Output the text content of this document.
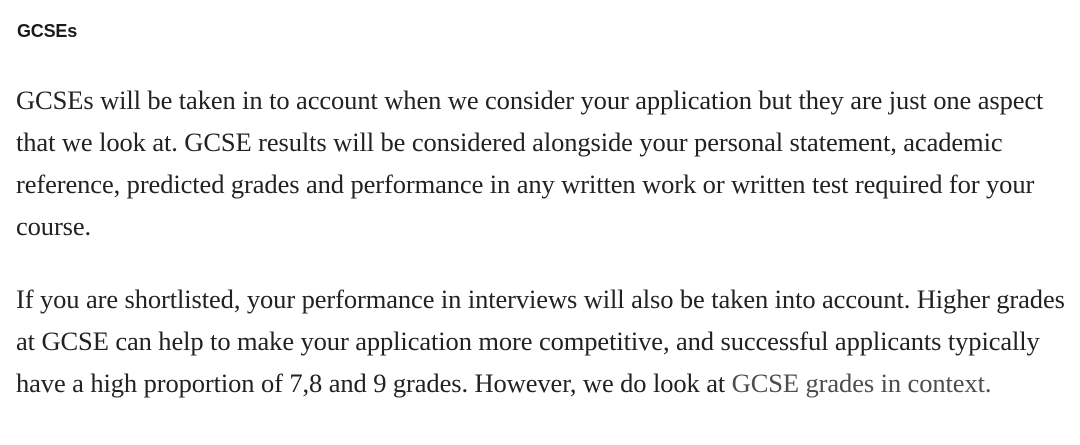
GCSEs

GCSEs will be taken in to account when we consider your application but they are just one aspect that we look at. GCSE results will be considered alongside your personal statement, academic reference, predicted grades and performance in any written work or written test required for your course.

If you are shortlisted, your performance in interviews will also be taken into account. Higher grades at GCSE can help to make your application more competitive, and successful applicants typically have a high proportion of 7,8 and 9 grades. However, we do look at GCSE grades in context.
